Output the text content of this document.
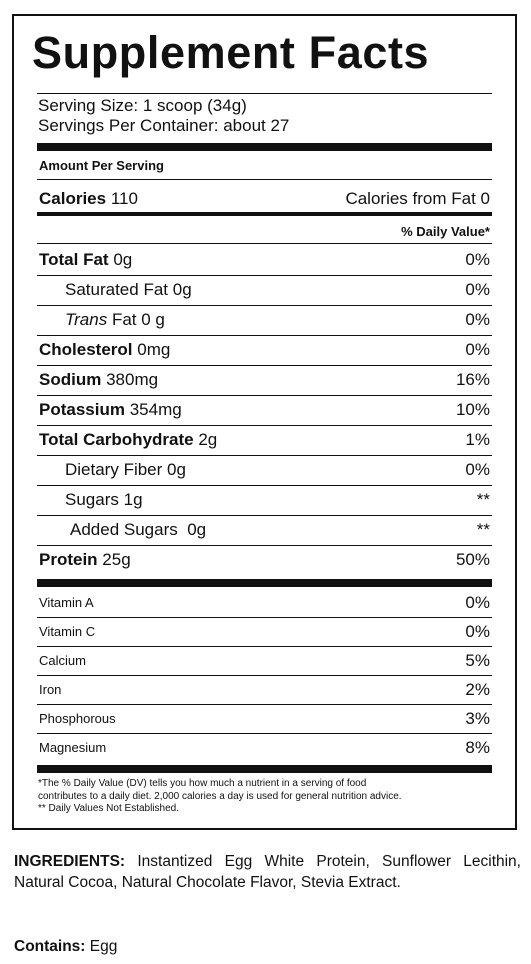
Supplement Facts
Serving Size: 1 scoop (34g)
Servings Per Container: about 27
Amount Per Serving
Calories 110	Calories from Fat 0
% Daily Value*
Total Fat 0g	0%
Saturated Fat 0g	0%
Trans Fat 0 g	0%
Cholesterol 0mg	0%
Sodium 380mg	16%
Potassium 354mg	10%
Total Carbohydrate 2g	1%
Dietary Fiber 0g	0%
Sugars 1g	**
Added Sugars 0g	**
Protein 25g	50%
Vitamin A	0%
Vitamin C	0%
Calcium	5%
Iron	2%
Phosphorous	3%
Magnesium	8%
*The % Daily Value (DV) tells you how much a nutrient in a serving of food
contributes to a daily diet. 2,000 calories a day is used for general nutrition advice.
** Daily Values Not Established.
INGREDIENTS: Instantized Egg White Protein, Sunflower Lecithin, Natural Cocoa, Natural Chocolate Flavor, Stevia Extract.
Contains: Egg
